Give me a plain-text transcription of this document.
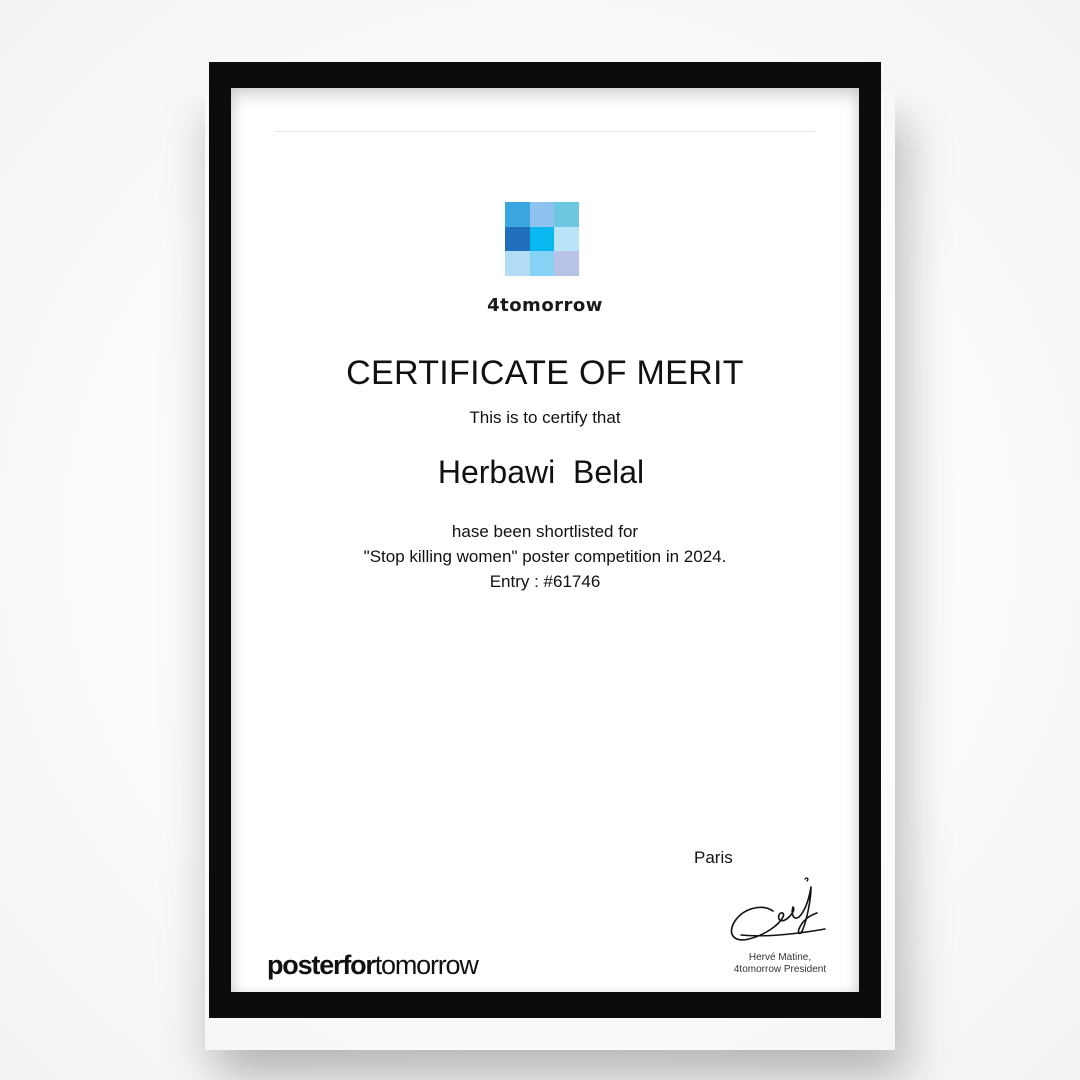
4tomorrow
CERTIFICATE OF MERIT
This is to certify that
Herbawi  Belal
hase been shortlisted for
"Stop killing women" poster competition in 2024.
Entry : #61746
Paris
Hervé Matine,
4tomorrow President
posterfortomorrow
